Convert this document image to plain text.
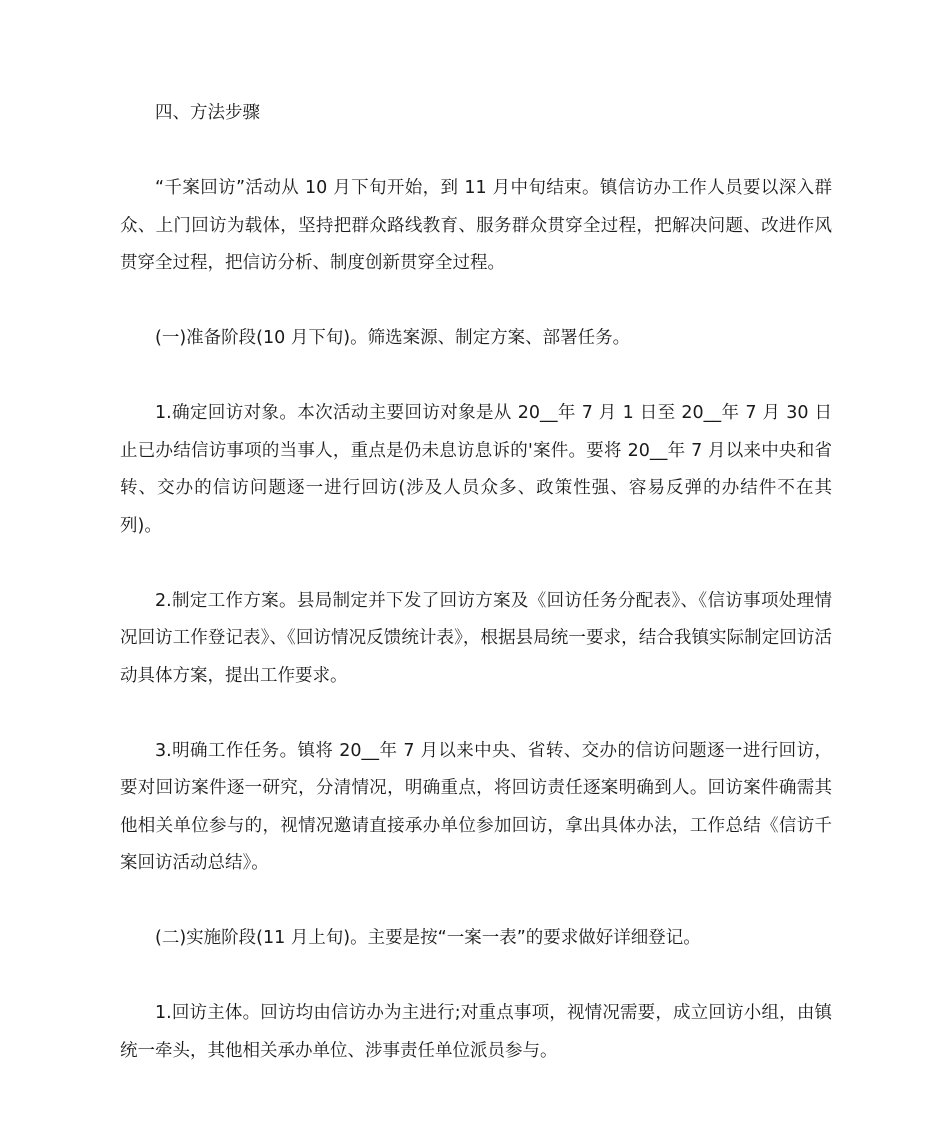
四、方法步骤

“千案回访”活动从 10 月下旬开始，到 11 月中旬结束。镇信访办工作人员要以深入群众、上门回访为载体，坚持把群众路线教育、服务群众贯穿全过程，把解决问题、改进作风贯穿全过程，把信访分析、制度创新贯穿全过程。

(一)准备阶段(10 月下旬)。筛选案源、制定方案、部署任务。

1.确定回访对象。本次活动主要回访对象是从 20__年 7 月 1 日至 20__年 7 月 30 日止已办结信访事项的当事人，重点是仍未息访息诉的'案件。要将 20__年 7 月以来中央和省转、交办的信访问题逐一进行回访(涉及人员众多、政策性强、容易反弹的办结件不在其列)。

2.制定工作方案。县局制定并下发了回访方案及《回访任务分配表》、《信访事项处理情况回访工作登记表》、《回访情况反馈统计表》，根据县局统一要求，结合我镇实际制定回访活动具体方案，提出工作要求。

3.明确工作任务。镇将 20__年 7 月以来中央、省转、交办的信访问题逐一进行回访，要对回访案件逐一研究，分清情况，明确重点，将回访责任逐案明确到人。回访案件确需其他相关单位参与的，视情况邀请直接承办单位参加回访，拿出具体办法，工作总结《信访千案回访活动总结》。

(二)实施阶段(11 月上旬)。主要是按“一案一表”的要求做好详细登记。

1.回访主体。回访均由信访办为主进行;对重点事项，视情况需要，成立回访小组，由镇统一牵头，其他相关承办单位、涉事责任单位派员参与。
